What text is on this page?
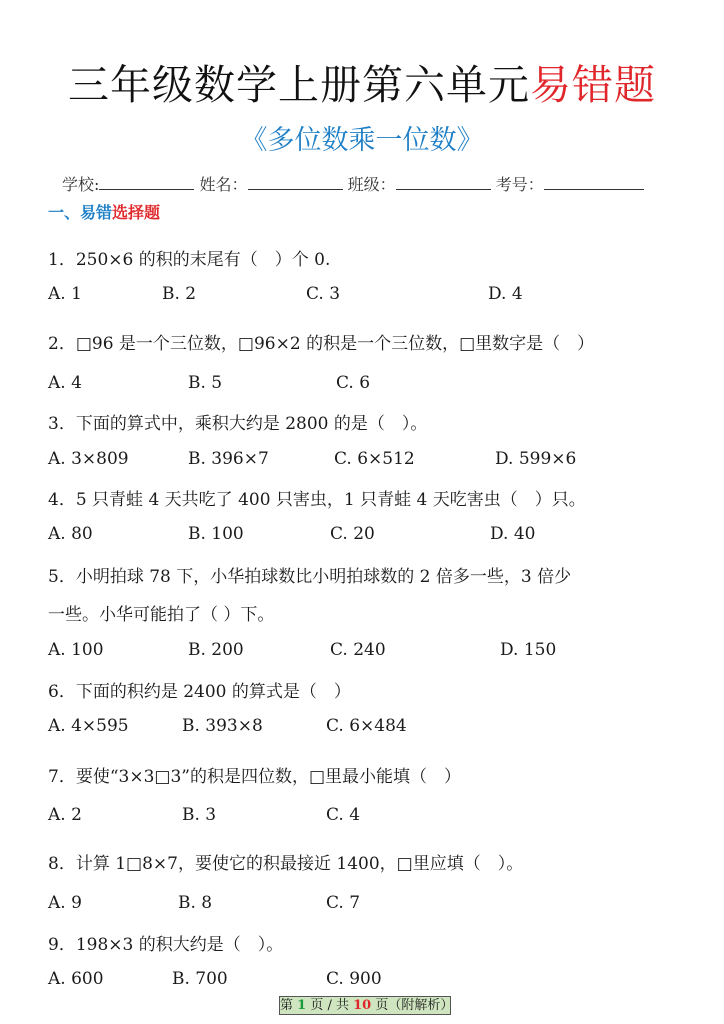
三年级数学上册第六单元易错题
《多位数乘一位数》
学校:	姓名：	班级：	考号：
一、易错选择题
1．250×6 的积的末尾有（　）个 0.
A. 1	B. 2	C. 3	D. 4
2．□96 是一个三位数，□96×2 的积是一个三位数，□里数字是（　）
A. 4	B. 5	C. 6
3．下面的算式中，乘积大约是 2800 的是（　）。
A. 3×809	B. 396×7	C. 6×512	D. 599×6
4．5 只青蛙 4 天共吃了 400 只害虫，1 只青蛙 4 天吃害虫（　）只。
A. 80	B. 100	C. 20	D. 40
5．小明拍球 78 下，小华拍球数比小明拍球数的 2 倍多一些，3 倍少
一些。小华可能拍了（ ）下。
A. 100	B. 200	C. 240	D. 150
6．下面的积约是 2400 的算式是（　）
A. 4×595	B. 393×8	C. 6×484
7．要使“3×3□3”的积是四位数，□里最小能填（　）
A. 2	B. 3	C. 4
8．计算 1□8×7，要使它的积最接近 1400，□里应填（　）。
A. 9	B. 8	C. 7
9．198×3 的积大约是（　）。
A. 600	B. 700	C. 900
第 1 页 / 共 10 页（附解析）
